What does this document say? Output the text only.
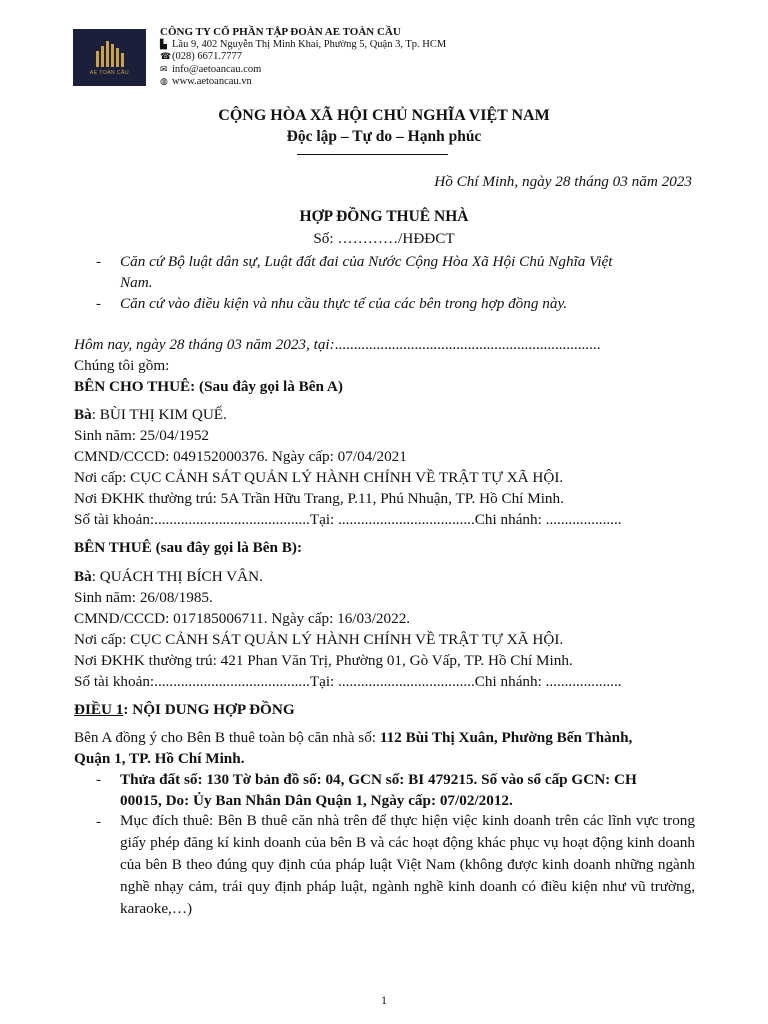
AE TOÀN CẦU
CÔNG TY CỔ PHẦN TẬP ĐOÀN AE TOÀN CẦU
▙ Lầu 9, 402 Nguyễn Thị Minh Khai, Phường 5, Quận 3, Tp. HCM
☎ (028) 6671.7777
✉ info@aetoancau.com
◍ www.aetoancau.vn
CỘNG HÒA XÃ HỘI CHỦ NGHĨA VIỆT NAM
Độc lập – Tự do – Hạnh phúc
Hồ Chí Minh, ngày 28 tháng 03 năm 2023
HỢP ĐỒNG THUÊ NHÀ
Số: …………/HĐĐCT
- Căn cứ Bộ luật dân sự, Luật đất đai của Nước Cộng Hòa Xã Hội Chủ Nghĩa Việt
Nam.
- Căn cứ vào điều kiện và nhu cầu thực tế của các bên trong hợp đồng này.
Hôm nay, ngày 28 tháng 03 năm 2023, tại:......................................................................
Chúng tôi gồm:
BÊN CHO THUÊ: (Sau đây gọi là Bên A)
Bà: BÙI THỊ KIM QUẾ.
Sinh năm: 25/04/1952
CMND/CCCD: 049152000376. Ngày cấp: 07/04/2021
Nơi cấp: CỤC CẢNH SÁT QUẢN LÝ HÀNH CHÍNH VỀ TRẬT TỰ XÃ HỘI.
Nơi ĐKHK thường trú: 5A Trần Hữu Trang, P.11, Phú Nhuận, TP. Hồ Chí Minh.
Số tài khoản:.........................................Tại: ....................................Chi nhánh: ....................
BÊN THUÊ (sau đây gọi là Bên B):
Bà: QUÁCH THỊ BÍCH VÂN.
Sinh năm: 26/08/1985.
CMND/CCCD: 017185006711. Ngày cấp: 16/03/2022.
Nơi cấp: CỤC CẢNH SÁT QUẢN LÝ HÀNH CHÍNH VỀ TRẬT TỰ XÃ HỘI.
Nơi ĐKHK thường trú: 421 Phan Văn Trị, Phường 01, Gò Vấp, TP. Hồ Chí Minh.
Số tài khoản:.........................................Tại: ....................................Chi nhánh: ....................
ĐIỀU 1: NỘI DUNG HỢP ĐỒNG
Bên A đồng ý cho Bên B thuê toàn bộ căn nhà số: 112 Bùi Thị Xuân, Phường Bến Thành,
Quận 1, TP. Hồ Chí Minh.
- Thửa đất số: 130 Tờ bản đồ số: 04, GCN số: BI 479215. Số vào sổ cấp GCN: CH
00015, Do: Ủy Ban Nhân Dân Quận 1, Ngày cấp: 07/02/2012.
- Mục đích thuê: Bên B thuê căn nhà trên để thực hiện việc kinh doanh trên các lĩnh vực trong giấy phép đăng kí kinh doanh của bên B và các hoạt động khác phục vụ hoạt động kinh doanh của bên B theo đúng quy định của pháp luật Việt Nam (không được kinh doanh những ngành nghề nhạy cảm, trái quy định pháp luật, ngành nghề kinh doanh có điều kiện như vũ trường, karaoke,…)
1
